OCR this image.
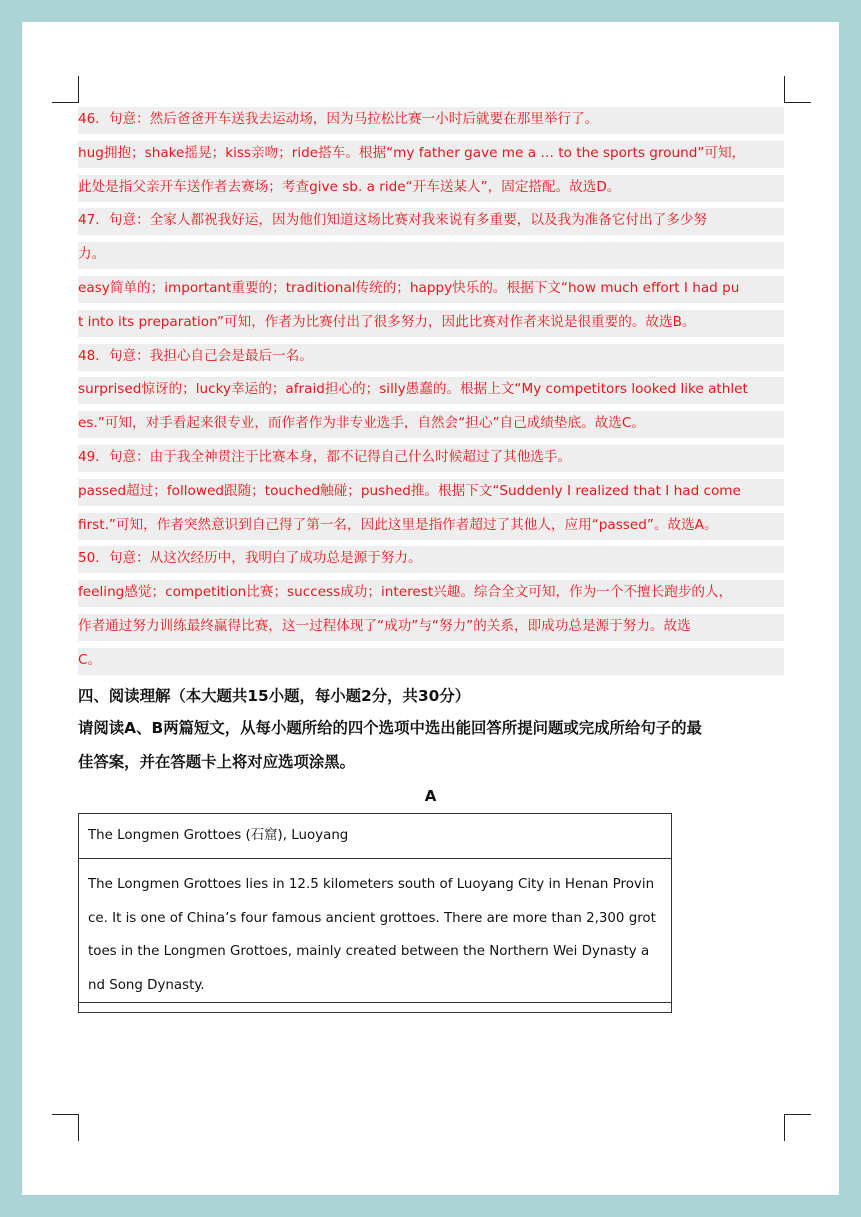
46．句意：然后爸爸开车送我去运动场，因为马拉松比赛一小时后就要在那里举行了。
hug拥抱；shake摇晃；kiss亲吻；ride搭车。根据“my father gave me a … to the sports ground”可知，
此处是指父亲开车送作者去赛场；考查give sb. a ride“开车送某人”，固定搭配。故选D。
47．句意：全家人都祝我好运，因为他们知道这场比赛对我来说有多重要，以及我为准备它付出了多少努
力。
easy简单的；important重要的；traditional传统的；happy快乐的。根据下文“how much effort I had pu
t into its preparation”可知，作者为比赛付出了很多努力，因此比赛对作者来说是很重要的。故选B。
48．句意：我担心自己会是最后一名。
surprised惊讶的；lucky幸运的；afraid担心的；silly愚蠢的。根据上文“My competitors looked like athlet
es.”可知，对手看起来很专业，而作者作为非专业选手，自然会“担心”自己成绩垫底。故选C。
49．句意：由于我全神贯注于比赛本身，都不记得自己什么时候超过了其他选手。
passed超过；followed跟随；touched触碰；pushed推。根据下文“Suddenly I realized that I had come
first.”可知，作者突然意识到自己得了第一名，因此这里是指作者超过了其他人，应用“passed”。故选A。
50．句意：从这次经历中，我明白了成功总是源于努力。
feeling感觉；competition比赛；success成功；interest兴趣。综合全文可知，作为一个不擅长跑步的人，
作者通过努力训练最终赢得比赛，这一过程体现了“成功”与“努力”的关系，即成功总是源于努力。故选
C。
四、阅读理解（本大题共15小题，每小题2分，共30分）
请阅读A、B两篇短文，从每小题所给的四个选项中选出能回答所提问题或完成所给句子的最
佳答案，并在答题卡上将对应选项涂黑。
A
The Longmen Grottoes (石窟), Luoyang
The Longmen Grottoes lies in 12.5 kilometers south of Luoyang City in Henan Provin
ce. It is one of China’s four famous ancient grottoes. There are more than 2,300 grot
toes in the Longmen Grottoes, mainly created between the Northern Wei Dynasty a
nd Song Dynasty.
